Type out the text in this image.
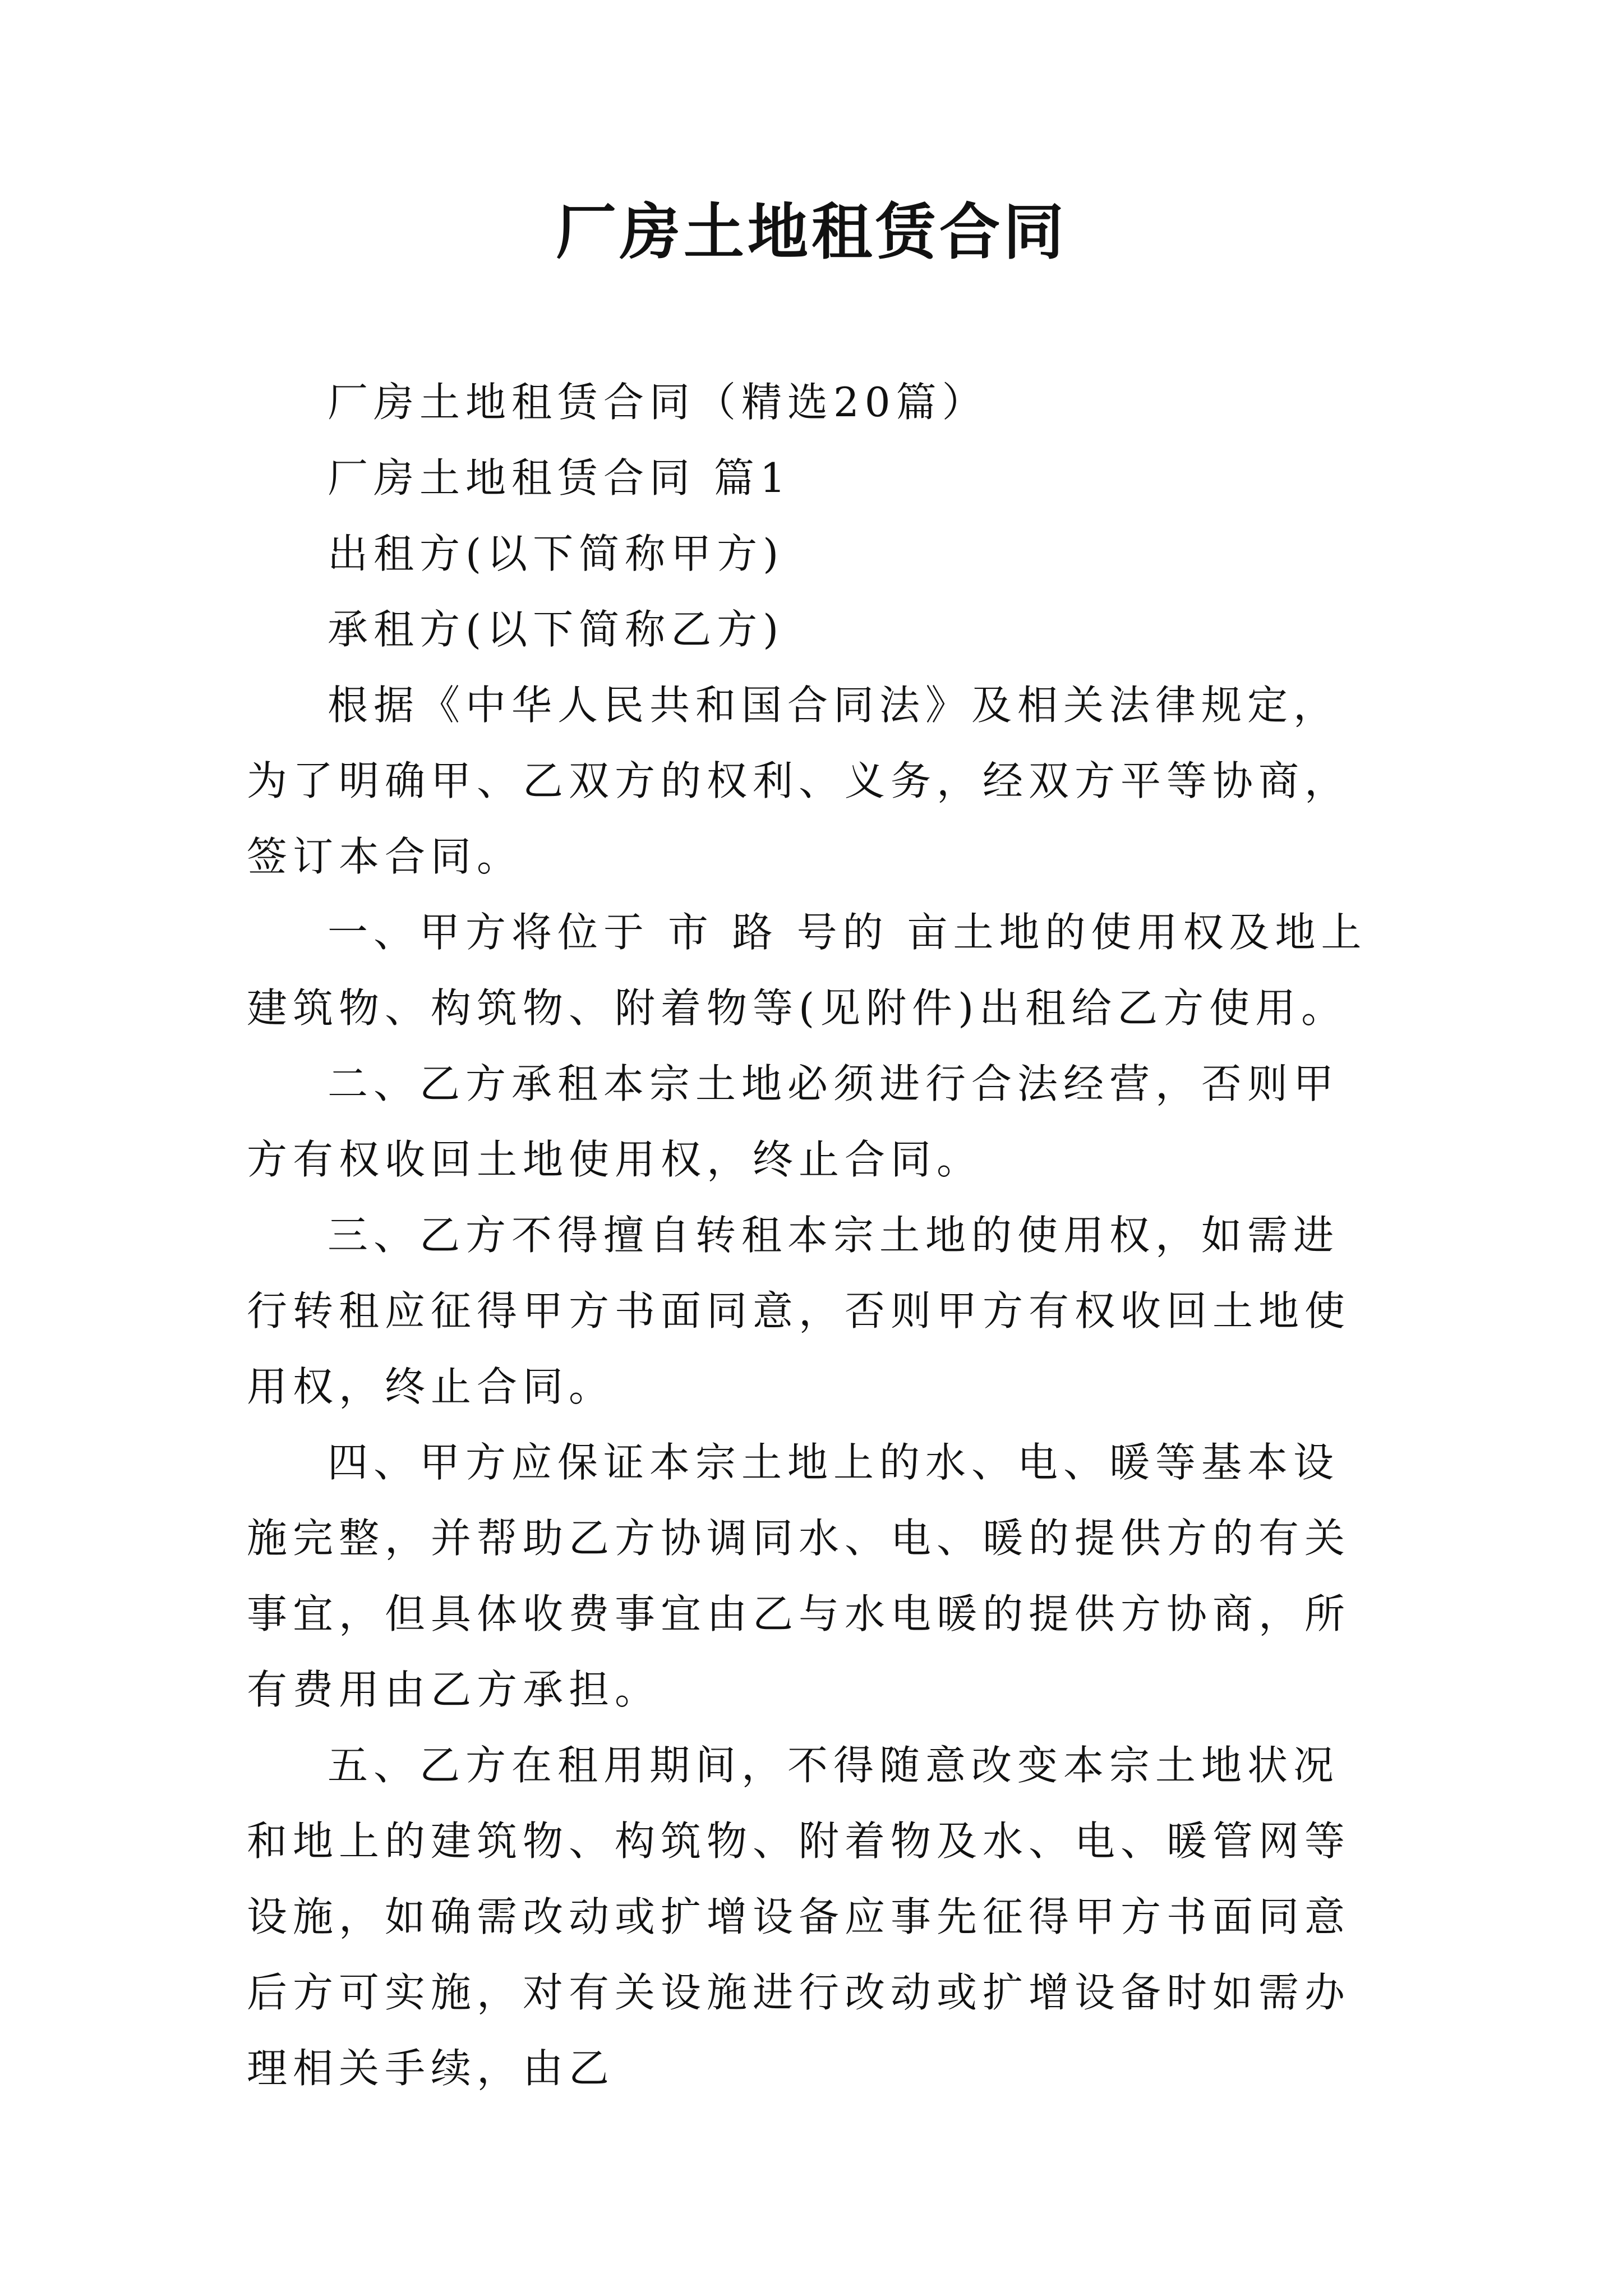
厂房土地租赁合同

厂房土地租赁合同（精选20篇）

厂房土地租赁合同 篇1

出租方(以下简称甲方)

承租方(以下简称乙方)

根据《中华人民共和国合同法》及相关法律规定，为了明确甲、乙双方的权利、义务，经双方平等协商，签订本合同。

一、甲方将位于 市 路 号的 亩土地的使用权及地上建筑物、构筑物、附着物等(见附件)出租给乙方使用。

二、乙方承租本宗土地必须进行合法经营，否则甲方有权收回土地使用权，终止合同。

三、乙方不得擅自转租本宗土地的使用权，如需进行转租应征得甲方书面同意，否则甲方有权收回土地使用权，终止合同。

四、甲方应保证本宗土地上的水、电、暖等基本设施完整，并帮助乙方协调同水、电、暖的提供方的有关事宜，但具体收费事宜由乙与水电暖的提供方协商，所有费用由乙方承担。

五、乙方在租用期间，不得随意改变本宗土地状况和地上的建筑物、构筑物、附着物及水、电、暖管网等设施，如确需改动或扩增设备应事先征得甲方书面同意后方可实施，对有关设施进行改动或扩增设备时如需办理相关手续，由乙
